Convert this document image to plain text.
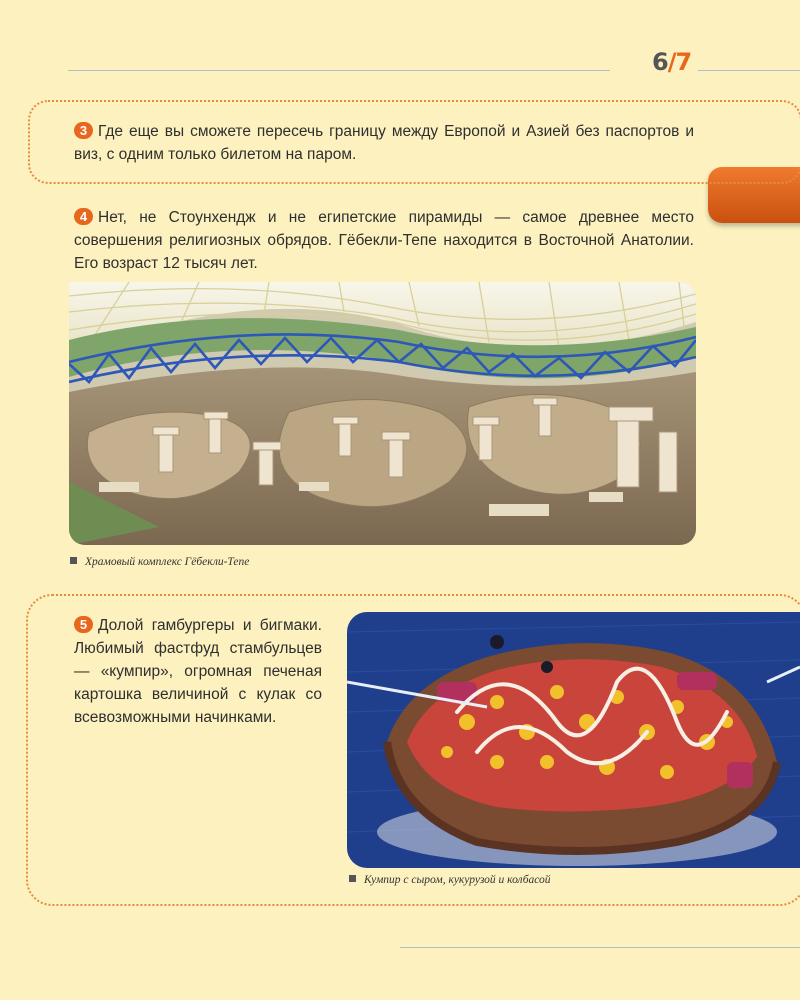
6/7
3 Где еще вы сможете пересечь границу между Европой и Азией без паспортов и виз, с одним только билетом на паром.
4 Нет, не Стоунхендж и не египетские пирамиды — самое древнее место совершения религиозных обрядов. Гёбекли-Тепе находится в Восточной Анатолии. Его возраст 12 тысяч лет.
Храмовый комплекс Гёбекли-Тепе
5 Долой гамбургеры и бигмаки. Любимый фастфуд стамбульцев — «кумпир», огромная печеная картошка величиной с кулак со всевозможными начинками.
Кумпир с сыром, кукурузой и колбасой
